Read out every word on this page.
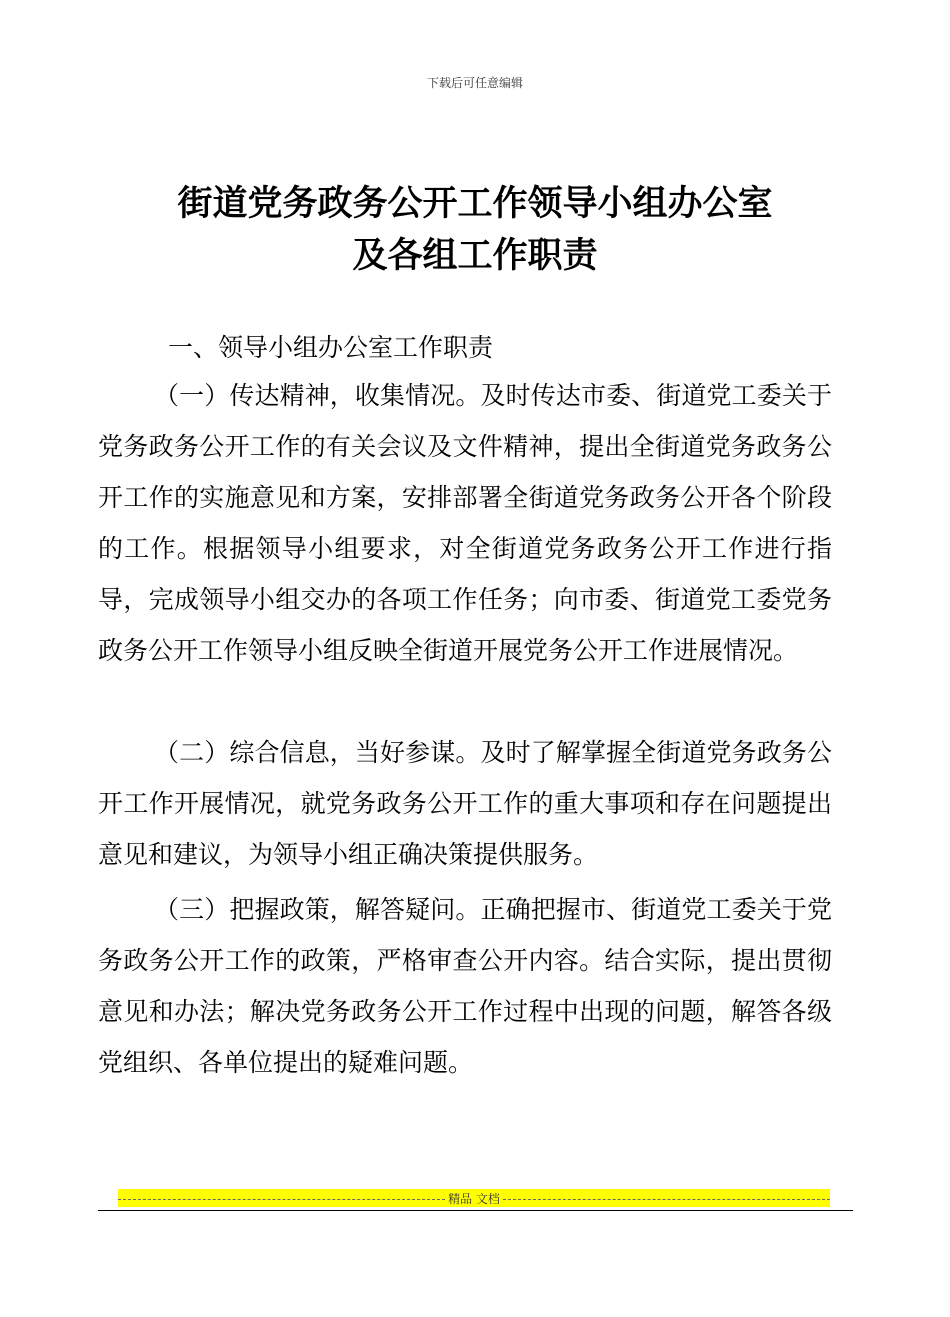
下载后可任意编辑
街道党务政务公开工作领导小组办公室
及各组工作职责
一、领导小组办公室工作职责

（一）传达精神，收集情况。及时传达市委、街道党工委关于党务政务公开工作的有关会议及文件精神，提出全街道党务政务公开工作的实施意见和方案，安排部署全街道党务政务公开各个阶段的工作。根据领导小组要求，对全街道党务政务公开工作进行指导，完成领导小组交办的各项工作任务；向市委、街道党工委党务政务公开工作领导小组反映全街道开展党务公开工作进展情况。

（二）综合信息，当好参谋。及时了解掌握全街道党务政务公开工作开展情况，就党务政务公开工作的重大事项和存在问题提出意见和建议，为领导小组正确决策提供服务。

（三）把握政策，解答疑问。正确把握市、街道党工委关于党务政务公开工作的政策，严格审查公开内容。结合实际，提出贯彻意见和办法；解决党务政务公开工作过程中出现的问题，解答各级党组织、各单位提出的疑难问题。

精品 文档
